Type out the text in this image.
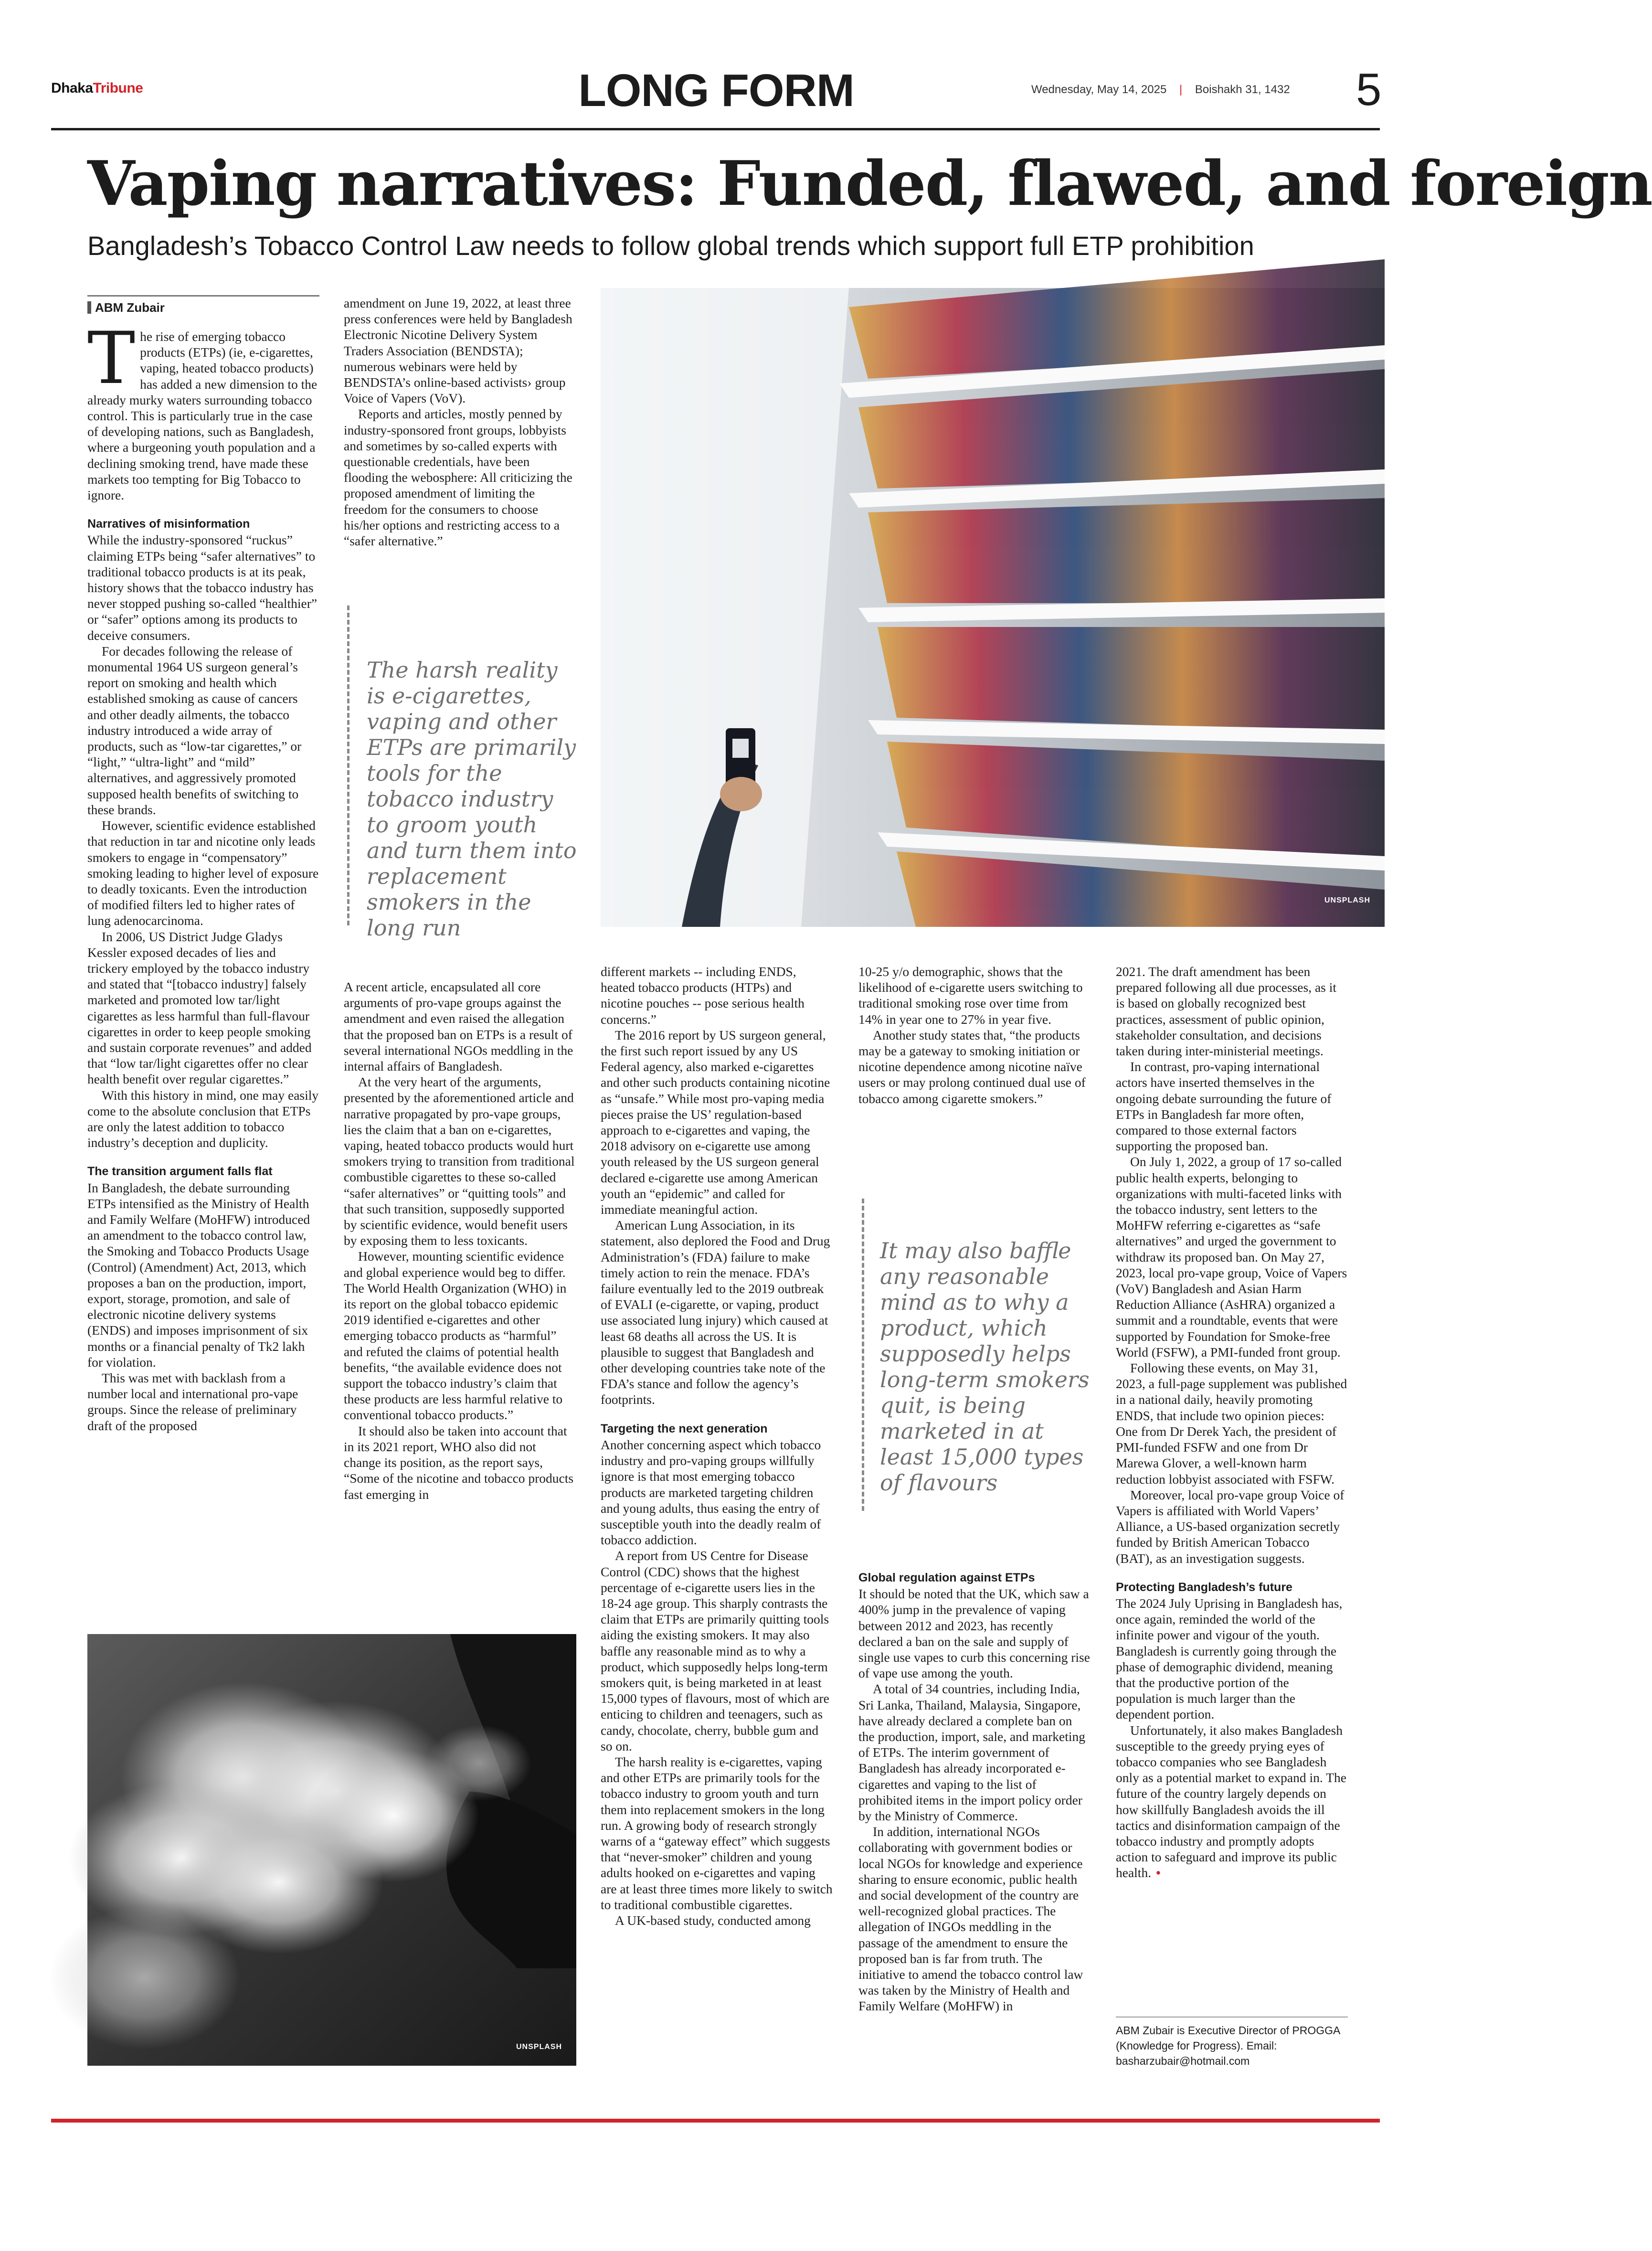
DhakaTribune	LONG FORM	Wednesday, May 14, 2025 | Boishakh 31, 1432 5
Vaping narratives: Funded, flawed, and foreign
Bangladesh’s Tobacco Control Law needs to follow global trends which support full ETP prohibition
ABM Zubair
T he rise of emerging tobacco products (ETPs) (ie, e-cigarettes, vaping, heated tobacco products) has added a new dimension to the already murky waters surrounding tobacco control. This is particularly true in the case of developing nations, such as Bangladesh, where a burgeoning youth population and a declining smoking trend, have made these markets too tempting for Big Tobacco to ignore.

Narratives of misinformation

While the industry-sponsored “ruckus” claiming ETPs being “safer alternatives” to traditional tobacco products is at its peak, history shows that the tobacco industry has never stopped pushing so-called “healthier” or “safer” options among its products to deceive consumers.

For decades following the release of monumental 1964 US surgeon general’s report on smoking and health which established smoking as cause of cancers and other deadly ailments, the tobacco industry introduced a wide array of products, such as “low-tar cigarettes,” or “light,” “ultra-light” and “mild” alternatives, and aggressively promoted supposed health benefits of switching to these brands.

However, scientific evidence established that reduction in tar and nicotine only leads smokers to engage in “compensatory” smoking leading to higher level of exposure to deadly toxicants. Even the introduction of modified filters led to higher rates of lung adenocarcinoma.

In 2006, US District Judge Gladys Kessler exposed decades of lies and trickery employed by the tobacco industry and stated that “[tobacco industry] falsely marketed and promoted low tar/light cigarettes as less harmful than full-flavour cigarettes in order to keep people smoking and sustain corporate revenues” and added that “low tar/light cigarettes offer no clear health benefit over regular cigarettes.”

With this history in mind, one may easily come to the absolute conclusion that ETPs are only the latest addition to tobacco industry’s deception and duplicity.

The transition argument falls flat

In Bangladesh, the debate surrounding ETPs intensified as the Ministry of Health and Family Welfare (MoHFW) introduced an amendment to the tobacco control law, the Smoking and Tobacco Products Usage (Control) (Amendment) Act, 2013, which proposes a ban on the production, import, export, storage, promotion, and sale of electronic nicotine delivery systems (ENDS) and imposes imprisonment of six months or a financial penalty of Tk2 lakh for violation.

This was met with backlash from a number local and international pro-vape groups. Since the release of preliminary draft of the proposed

amendment on June 19, 2022, at least three press conferences were held by Bangladesh Electronic Nicotine Delivery System Traders Association (BENDSTA); numerous webinars were held by BENDSTA’s online-based activists› group Voice of Vapers (VoV).

Reports and articles, mostly penned by industry-sponsored front groups, lobbyists and sometimes by so-called experts with questionable credentials, have been flooding the webosphere: All criticizing the proposed amendment of limiting the freedom for the consumers to choose his/her options and restricting access to a “safer alternative.”

The harsh reality is e-cigarettes, vaping and other ETPs are primarily tools for the tobacco industry to groom youth and turn them into replacement smokers in the long run

A recent article, encapsulated all core arguments of pro-vape groups against the amendment and even raised the allegation that the proposed ban on ETPs is a result of several international NGOs meddling in the internal affairs of Bangladesh.

At the very heart of the arguments, presented by the aforementioned article and narrative propagated by pro-vape groups, lies the claim that a ban on e-cigarettes, vaping, heated tobacco products would hurt smokers trying to transition from traditional combustible cigarettes to these so-called “safer alternatives” or “quitting tools” and that such transition, supposedly supported by scientific evidence, would benefit users by exposing them to less toxicants.

However, mounting scientific evidence and global experience would beg to differ. The World Health Organization (WHO) in its report on the global tobacco epidemic 2019 identified e-cigarettes and other emerging tobacco products as “harmful” and refuted the claims of potential health benefits, “the available evidence does not support the tobacco industry’s claim that these products are less harmful relative to conventional tobacco products.”

It should also be taken into account that in its 2021 report, WHO also did not change its position, as the report says, “Some of the nicotine and tobacco products fast emerging in

UNSPLASH

different markets -- including ENDS, heated tobacco products (HTPs) and nicotine pouches -- pose serious health concerns.”

The 2016 report by US surgeon general, the first such report issued by any US Federal agency, also marked e-cigarettes and other such products containing nicotine as “unsafe.” While most pro-vaping media pieces praise the US’ regulation-based approach to e-cigarettes and vaping, the 2018 advisory on e-cigarette use among youth released by the US surgeon general declared e-cigarette use among American youth an “epidemic” and called for immediate meaningful action.

American Lung Association, in its statement, also deplored the Food and Drug Administration’s (FDA) failure to make timely action to rein the menace. FDA’s failure eventually led to the 2019 outbreak of EVALI (e-cigarette, or vaping, product use associated lung injury) which caused at least 68 deaths all across the US. It is plausible to suggest that Bangladesh and other developing countries take note of the FDA’s stance and follow the agency’s footprints.

Targeting the next generation

Another concerning aspect which tobacco industry and pro-vaping groups willfully ignore is that most emerging tobacco products are marketed targeting children and young adults, thus easing the entry of susceptible youth into the deadly realm of tobacco addiction.

A report from US Centre for Disease Control (CDC) shows that the highest percentage of e-cigarette users lies in the 18-24 age group. This sharply contrasts the claim that ETPs are primarily quitting tools aiding the existing smokers. It may also baffle any reasonable mind as to why a product, which supposedly helps long-term smokers quit, is being marketed in at least 15,000 types of flavours, most of which are enticing to children and teenagers, such as candy, chocolate, cherry, bubble gum and so on.

The harsh reality is e-cigarettes, vaping and other ETPs are primarily tools for the tobacco industry to groom youth and turn them into replacement smokers in the long run. A growing body of research strongly warns of a “gateway effect” which suggests that “never-smoker” children and young adults hooked on e-cigarettes and vaping are at least three times more likely to switch to traditional combustible cigarettes.

A UK-based study, conducted among

10-25 y/o demographic, shows that the likelihood of e-cigarette users switching to traditional smoking rose over time from 14% in year one to 27% in year five.

Another study states that, “the products may be a gateway to smoking initiation or nicotine dependence among nicotine naïve users or may prolong continued dual use of tobacco among cigarette smokers.”

It may also baffle any reasonable mind as to why a product, which supposedly helps long-term smokers quit, is being marketed in at least 15,000 types of flavours

Global regulation against ETPs

It should be noted that the UK, which saw a 400% jump in the prevalence of vaping between 2012 and 2023, has recently declared a ban on the sale and supply of single use vapes to curb this concerning rise of vape use among the youth.

A total of 34 countries, including India, Sri Lanka, Thailand, Malaysia, Singapore, have already declared a complete ban on the production, import, sale, and marketing of ETPs. The interim government of Bangladesh has already incorporated e-cigarettes and vaping to the list of prohibited items in the import policy order by the Ministry of Commerce.

In addition, international NGOs collaborating with government bodies or local NGOs for knowledge and experience sharing to ensure economic, public health and social development of the country are well-recognized global practices. The allegation of INGOs meddling in the passage of the amendment to ensure the proposed ban is far from truth. The initiative to amend the tobacco control law was taken by the Ministry of Health and Family Welfare (MoHFW) in

2021. The draft amendment has been prepared following all due processes, as it is based on globally recognized best practices, assessment of public opinion, stakeholder consultation, and decisions taken during inter-ministerial meetings.

In contrast, pro-vaping international actors have inserted themselves in the ongoing debate surrounding the future of ETPs in Bangladesh far more often, compared to those external factors supporting the proposed ban.

On July 1, 2022, a group of 17 so-called public health experts, belonging to organizations with multi-faceted links with the tobacco industry, sent letters to the MoHFW referring e-cigarettes as “safe alternatives” and urged the government to withdraw its proposed ban. On May 27, 2023, local pro-vape group, Voice of Vapers (VoV) Bangladesh and Asian Harm Reduction Alliance (AsHRA) organized a summit and a roundtable, events that were supported by Foundation for Smoke-free World (FSFW), a PMI-funded front group.

Following these events, on May 31, 2023, a full-page supplement was published in a national daily, heavily promoting ENDS, that include two opinion pieces: One from Dr Derek Yach, the president of PMI-funded FSFW and one from Dr Marewa Glover, a well-known harm reduction lobbyist associated with FSFW.

Moreover, local pro-vape group Voice of Vapers is affiliated with World Vapers’ Alliance, a US-based organization secretly funded by British American Tobacco (BAT), as an investigation suggests.

Protecting Bangladesh’s future

The 2024 July Uprising in Bangladesh has, once again, reminded the world of the infinite power and vigour of the youth. Bangladesh is currently going through the phase of demographic dividend, meaning that the productive portion of the population is much larger than the dependent portion.

Unfortunately, it also makes Bangladesh susceptible to the greedy prying eyes of tobacco companies who see Bangladesh only as a potential market to expand in. The future of the country largely depends on how skillfully Bangladesh avoids the ill tactics and disinformation campaign of the tobacco industry and promptly adopts action to safeguard and improve its public health. •

ABM Zubair is Executive Director of PROGGA (Knowledge for Progress). Email: basharzubair@hotmail.com
UNSPLASH
